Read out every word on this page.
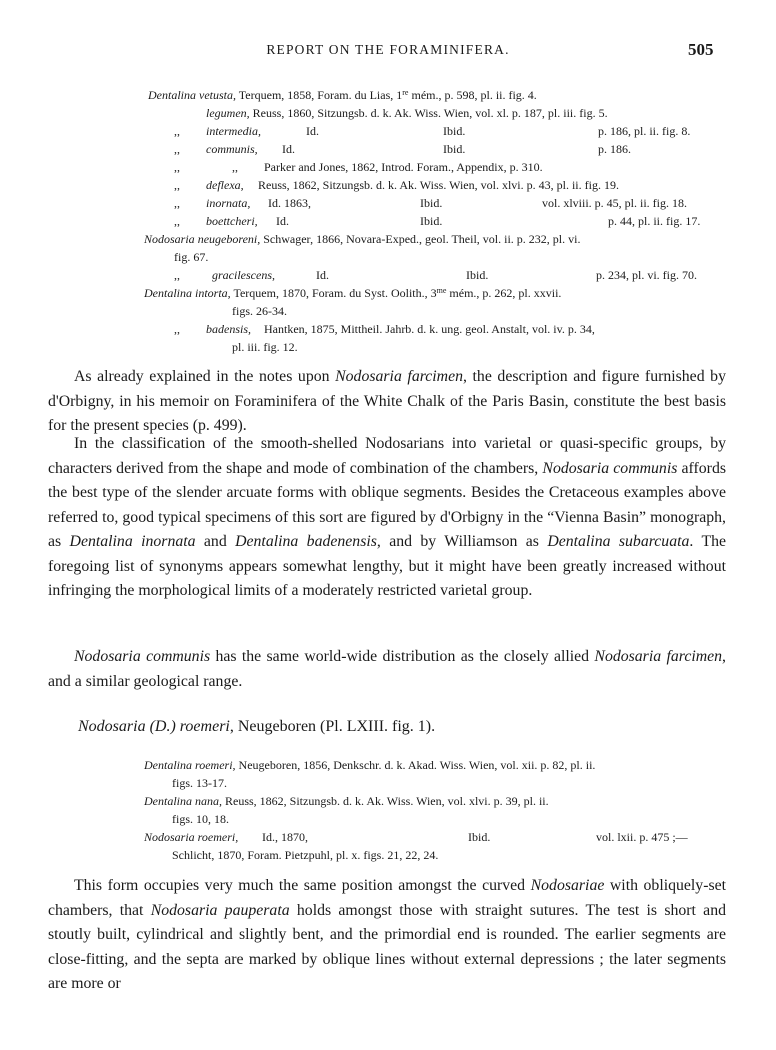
REPORT ON THE FORAMINIFERA.	505
Dentalina vetusta, Terquem, 1858, Foram. du Lias, 1re mém., p. 598, pl. ii. fig. 4.
legumen, Reuss, 1860, Sitzungsb. d. k. Ak. Wiss. Wien, vol. xl. p. 187, pl. iii. fig. 5.
,, intermedia,	Id.	Ibid.	p. 186, pl. ii. fig. 8.
,, communis, Id.	Ibid.	p. 186.
,,	,, Parker and Jones, 1862, Introd. Foram., Appendix, p. 310.
,, deflexa, Reuss, 1862, Sitzungsb. d. k. Ak. Wiss. Wien, vol. xlvi. p. 43, pl. ii. fig. 19.
,, inornata, Id. 1863,	Ibid.	vol. xlviii. p. 45, pl. ii. fig. 18.
,, boettcheri, Id.	Ibid.	p. 44, pl. ii. fig. 17.
Nodosaria neugeboreni, Schwager, 1866, Novara-Exped., geol. Theil, vol. ii. p. 232, pl. vi.
fig. 67.
,,	gracilescens,	Id.	Ibid.	p. 234, pl. vi. fig. 70.
Dentalina intorta, Terquem, 1870, Foram. du Syst. Oolith., $3^{me}$ mém., p. 262, pl. xxvii.
figs. 26-34.
,, badensis, Hantken, 1875, Mittheil. Jahrb. d. k. ung. geol. Anstalt, vol. iv. p. 34,
pl. iii. fig. 12.

As already explained in the notes upon Nodosaria farcimen, the description and figure furnished by d'Orbigny, in his memoir on Foraminifera of the White Chalk of the Paris Basin, constitute the best basis for the present species (p. 499).

In the classification of the smooth-shelled Nodosarians into varietal or quasi-specific groups, by characters derived from the shape and mode of combination of the chambers, Nodosaria communis affords the best type of the slender arcuate forms with oblique segments. Besides the Cretaceous examples above referred to, good typical specimens of this sort are figured by d'Orbigny in the “Vienna Basin” monograph, as Dentalina inornata and Dentalina badenensis, and by Williamson as Dentalina subarcuata. The foregoing list of synonyms appears somewhat lengthy, but it might have been greatly increased without infringing the morphological limits of a moderately restricted varietal group.

Nodosaria communis has the same world-wide distribution as the closely allied Nodosaria farcimen, and a similar geological range.

Nodosaria (D.) roemeri, Neugeboren (Pl. LXIII. fig. 1).
Dentalina roemeri, Neugeboren, 1856, Denkschr. d. k. Akad. Wiss. Wien, vol. xii. p. 82, pl. ii.
figs. 13-17.
Dentalina nana, Reuss, 1862, Sitzungsb. d. k. Ak. Wiss. Wien, vol. xlvi. p. 39, pl. ii.
figs. 10, 18.
Nodosaria roemeri, Id., 1870,	Ibid.	vol. lxii. p. 475 ;—
Schlicht, 1870, Foram. Pietzpuhl, pl. x. figs. 21, 22, 24.

This form occupies very much the same position amongst the curved Nodosariae with obliquely-set chambers, that Nodosaria pauperata holds amongst those with straight sutures. The test is short and stoutly built, cylindrical and slightly bent, and the primordial end is rounded. The earlier segments are close-fitting, and the septa are marked by oblique lines without external depressions ; the later segments are more or
